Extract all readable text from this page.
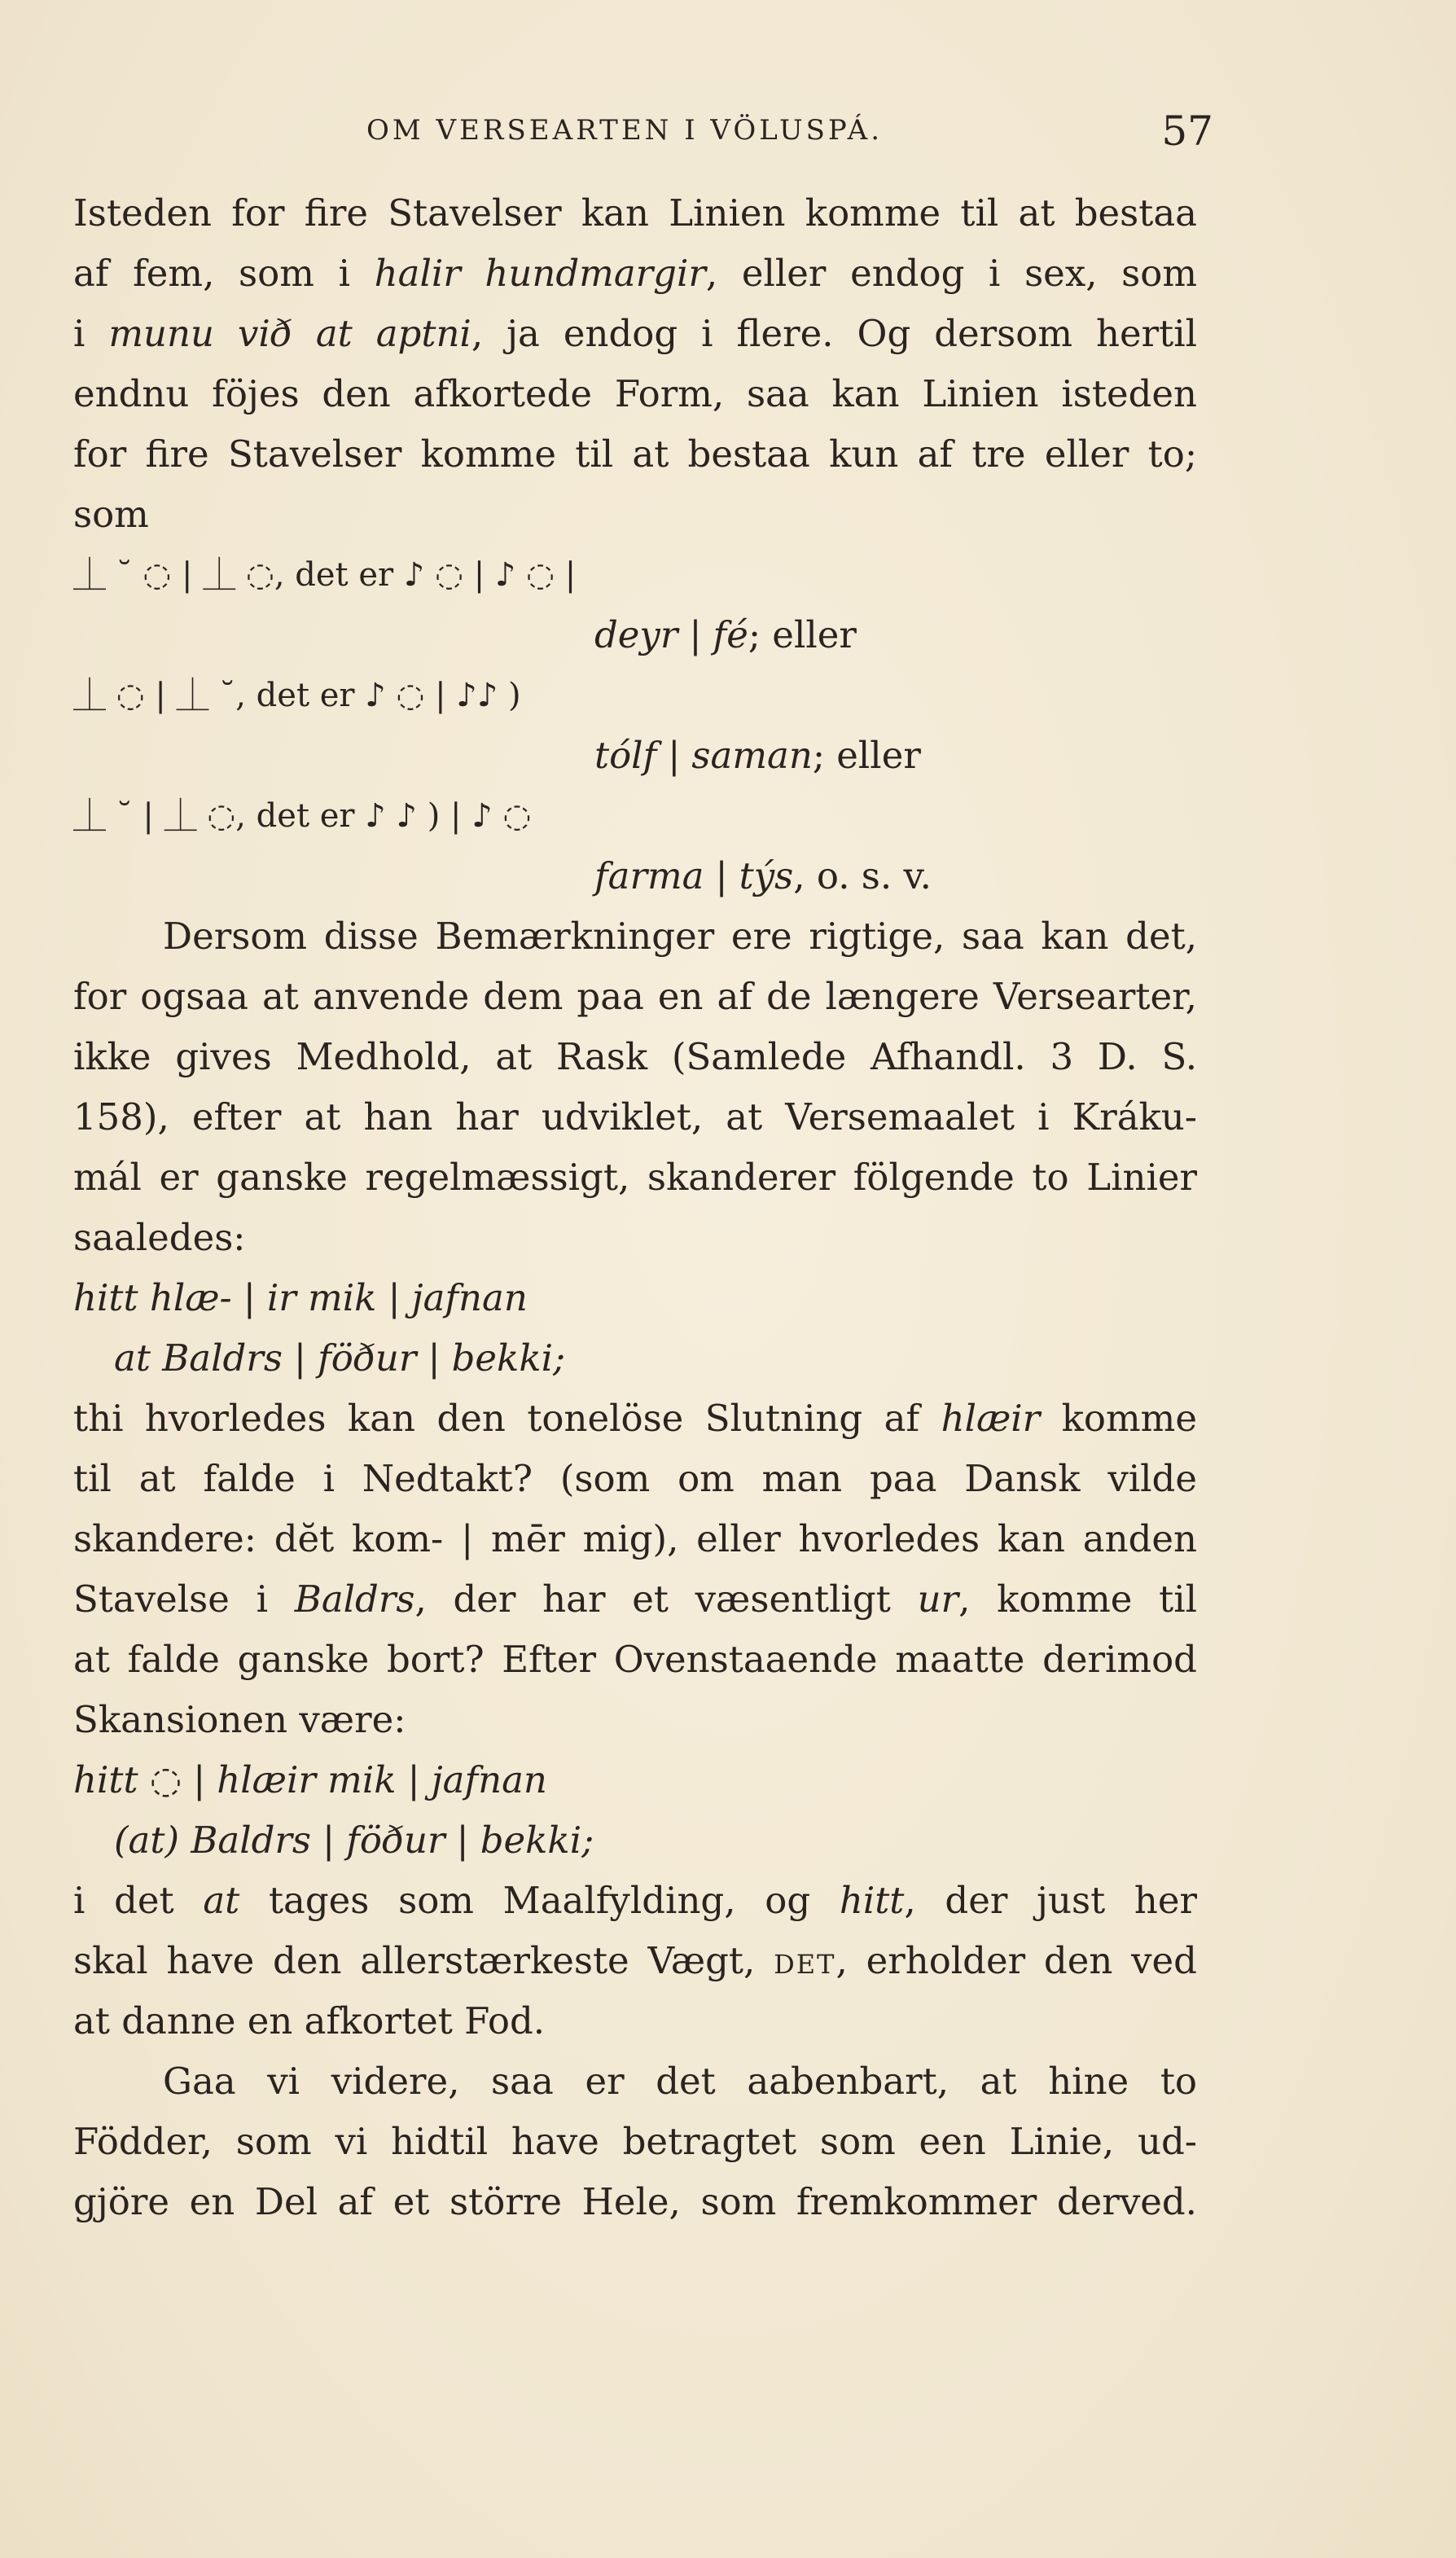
OM VERSEARTEN I VÖLUSPÁ.	57
Isteden for fire Stavelser kan Linien komme til at bestaa
af fem, som i halir hundmargir, eller endog i sex, som
i munu við at aptni, ja endog i flere. Og dersom hertil
endnu föjes den afkortede Form, saa kan Linien isteden
for fire Stavelser komme til at bestaa kun af tre eller to;
som
⏊ ˘ ◌ | ⏊ ◌, det er ♪ ◌ | ♪ ◌ |
deyr | fé; eller
⏊ ◌ | ⏊ ˘, det er ♪ ◌ | ♪♪ )
tólf | saman; eller
⏊ ˘ | ⏊ ◌, det er ♪ ♪ ) | ♪ ◌
farma | týs, o. s. v.
Dersom disse Bemærkninger ere rigtige, saa kan det,
for ogsaa at anvende dem paa en af de længere Versearter,
ikke gives Medhold, at Rask (Samlede Afhandl. 3 D. S.
158), efter at han har udviklet, at Versemaalet i Kráku-
mál er ganske regelmæssigt, skanderer fölgende to Linier
saaledes:
hitt hlæ- | ir mik | jafnan
at Baldrs | föður | bekki;
thi hvorledes kan den tonelöse Slutning af hlæir komme
til at falde i Nedtakt? (som om man paa Dansk vilde
skandere: dĕt kom- | mēr mig), eller hvorledes kan anden
Stavelse i Baldrs, der har et væsentligt ur, komme til
at falde ganske bort? Efter Ovenstaaende maatte derimod
Skansionen være:
hitt ◌ | hlæir mik | jafnan
(at) Baldrs | föður | bekki;
i det at tages som Maalfylding, og hitt, der just her
skal have den allerstærkeste Vægt, det, erholder den ved
at danne en afkortet Fod.
Gaa vi videre, saa er det aabenbart, at hine to
Födder, som vi hidtil have betragtet som een Linie, ud-
gjöre en Del af et större Hele, som fremkommer derved.
